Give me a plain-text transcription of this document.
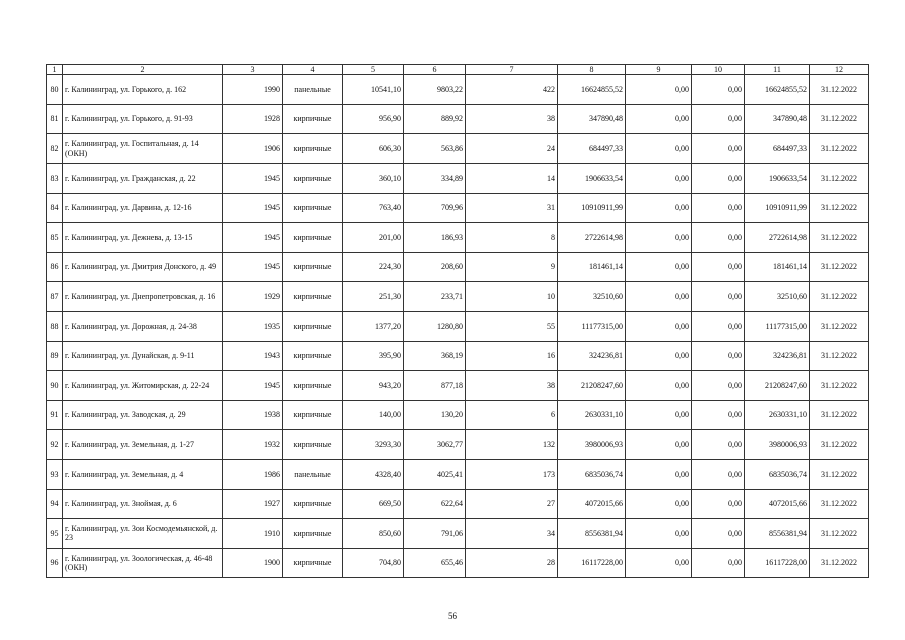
1	2	3	4	5	6	7	8	9	10	11	12
80	г. Калининград, ул. Горького, д. 162	1990	панельные	10541,10	9803,22	422	16624855,52	0,00	0,00	16624855,52	31.12.2022
81	г. Калининград, ул. Горького, д. 91-93	1928	кирпичные	956,90	889,92	38	347890,48	0,00	0,00	347890,48	31.12.2022
82	г. Калининград, ул. Госпитальная, д. 14 (ОКН)	1906	кирпичные	606,30	563,86	24	684497,33	0,00	0,00	684497,33	31.12.2022
83	г. Калининград, ул. Гражданская, д. 22	1945	кирпичные	360,10	334,89	14	1906633,54	0,00	0,00	1906633,54	31.12.2022
84	г. Калининград, ул. Дарвина, д. 12-16	1945	кирпичные	763,40	709,96	31	10910911,99	0,00	0,00	10910911,99	31.12.2022
85	г. Калининград, ул. Дежнева, д. 13-15	1945	кирпичные	201,00	186,93	8	2722614,98	0,00	0,00	2722614,98	31.12.2022
86	г. Калининград, ул. Дмитрия Донского, д. 49	1945	кирпичные	224,30	208,60	9	181461,14	0,00	0,00	181461,14	31.12.2022
87	г. Калининград, ул. Днепропетровская, д. 16	1929	кирпичные	251,30	233,71	10	32510,60	0,00	0,00	32510,60	31.12.2022
88	г. Калининград, ул. Дорожная, д. 24-38	1935	кирпичные	1377,20	1280,80	55	11177315,00	0,00	0,00	11177315,00	31.12.2022
89	г. Калининград, ул. Дунайская, д. 9-11	1943	кирпичные	395,90	368,19	16	324236,81	0,00	0,00	324236,81	31.12.2022
90	г. Калининград, ул. Житомирская, д. 22-24	1945	кирпичные	943,20	877,18	38	21208247,60	0,00	0,00	21208247,60	31.12.2022
91	г. Калининград, ул. Заводская, д. 29	1938	кирпичные	140,00	130,20	6	2630331,10	0,00	0,00	2630331,10	31.12.2022
92	г. Калининград, ул. Земельная, д. 1-27	1932	кирпичные	3293,30	3062,77	132	3980006,93	0,00	0,00	3980006,93	31.12.2022
93	г. Калининград, ул. Земельная, д. 4	1986	панельные	4328,40	4025,41	173	6835036,74	0,00	0,00	6835036,74	31.12.2022
94	г. Калининград, ул. Зноймая, д. 6	1927	кирпичные	669,50	622,64	27	4072015,66	0,00	0,00	4072015,66	31.12.2022
95	г. Калининград, ул. Зои Космодемьянской, д. 23	1910	кирпичные	850,60	791,06	34	8556381,94	0,00	0,00	8556381,94	31.12.2022
96	г. Калининград, ул. Зоологическая, д. 46-48 (ОКН)	1900	кирпичные	704,80	655,46	28	16117228,00	0,00	0,00	16117228,00	31.12.2022
56
